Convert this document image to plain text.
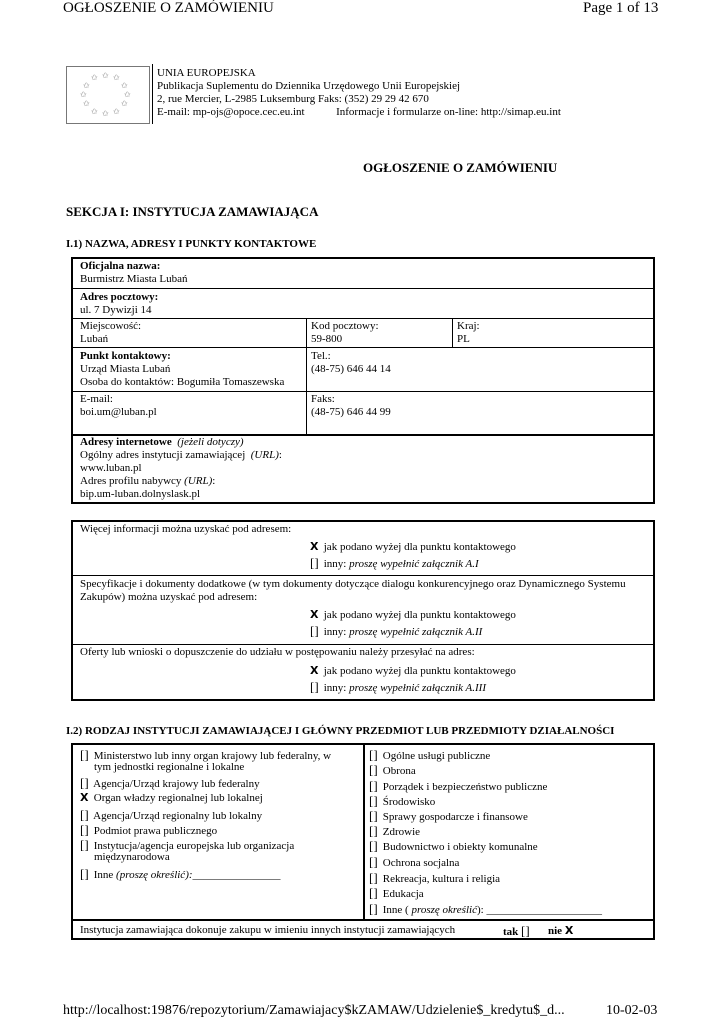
OGŁOSZENIE O ZAMÓWIENIU	Page 1 of 13
✩ ✩
✩
✩
✩
✩
✩
✩
✩
✩
✩ ✩
UNIA EUROPEJSKA
Publikacja Suplementu do Dziennika Urzędowego Unii Europejskiej
2, rue Mercier, L-2985 Luksemburg Faks: (352) 29 29 42 670
E-mail: mp-ojs@opoce.cec.eu.int	Informacje i formularze on-line: http://simap.eu.int
OGŁOSZENIE O ZAMÓWIENIU
SEKCJA I: INSTYTUCJA ZAMAWIAJĄCA
I.1) NAZWA, ADRESY I PUNKTY KONTAKTOWE
Oficjalna nazwa:
Burmistrz Miasta Lubań
Adres pocztowy:
ul. 7 Dywizji 14
Miejscowość:
Lubań
Kod pocztowy:
59-800
Kraj:
PL
Punkt kontaktowy:
Urząd Miasta Lubań
Osoba do kontaktów: Bogumiła Tomaszewska
Tel.:
(48-75) 646 44 14
E-mail:
boi.um@luban.pl
Faks:
(48-75) 646 44 99
Adresy internetowe (jeżeli dotyczy)
Ogólny adres instytucji zamawiającej (URL):
www.luban.pl
Adres profilu nabywcy (URL):
bip.um-luban.dolnyslask.pl
Więcej informacji można uzyskać pod adresem:
X jak podano wyżej dla punktu kontaktowego
[] inny: proszę wypełnić załącznik A.I
Specyfikacje i dokumenty dodatkowe (w tym dokumenty dotyczące dialogu konkurencyjnego oraz Dynamicznego Systemu Zakupów) można uzyskać pod adresem:
X jak podano wyżej dla punktu kontaktowego
[] inny: proszę wypełnić załącznik A.II
Oferty lub wnioski o dopuszczenie do udziału w postępowaniu należy przesyłać na adres:
X jak podano wyżej dla punktu kontaktowego
[] inny: proszę wypełnić załącznik A.III
I.2) RODZAJ INSTYTUCJI ZAMAWIAJĄCEJ I GŁÓWNY PRZEDMIOT LUB PRZEDMIOTY DZIAŁALNOŚCI
[] Ministerstwo lub inny organ krajowy lub federalny, w
tym jednostki regionalne i lokalne
[] Agencja/Urząd krajowy lub federalny
X Organ władzy regionalnej lub lokalnej
[] Agencja/Urząd regionalny lub lokalny
[] Podmiot prawa publicznego
[] Instytucja/agencja europejska lub organizacja
międzynarodowa
[] Inne (proszę określić):________________
[] Ogólne usługi publiczne
[] Obrona
[] Porządek i bezpieczeństwo publiczne
[] Środowisko
[] Sprawy gospodarcze i finansowe
[] Zdrowie
[] Budownictwo i obiekty komunalne
[] Ochrona socjalna
[] Rekreacja, kultura i religia
[] Edukacja
[] Inne ( proszę określić): _____________________
Instytucja zamawiająca dokonuje zakupu w imieniu innych instytucji zamawiających	tak [] nie X
http://localhost:19876/repozytorium/Zamawiajacy$kZAMAW/Udzielenie$_kredytu$_d...	10-02-03
